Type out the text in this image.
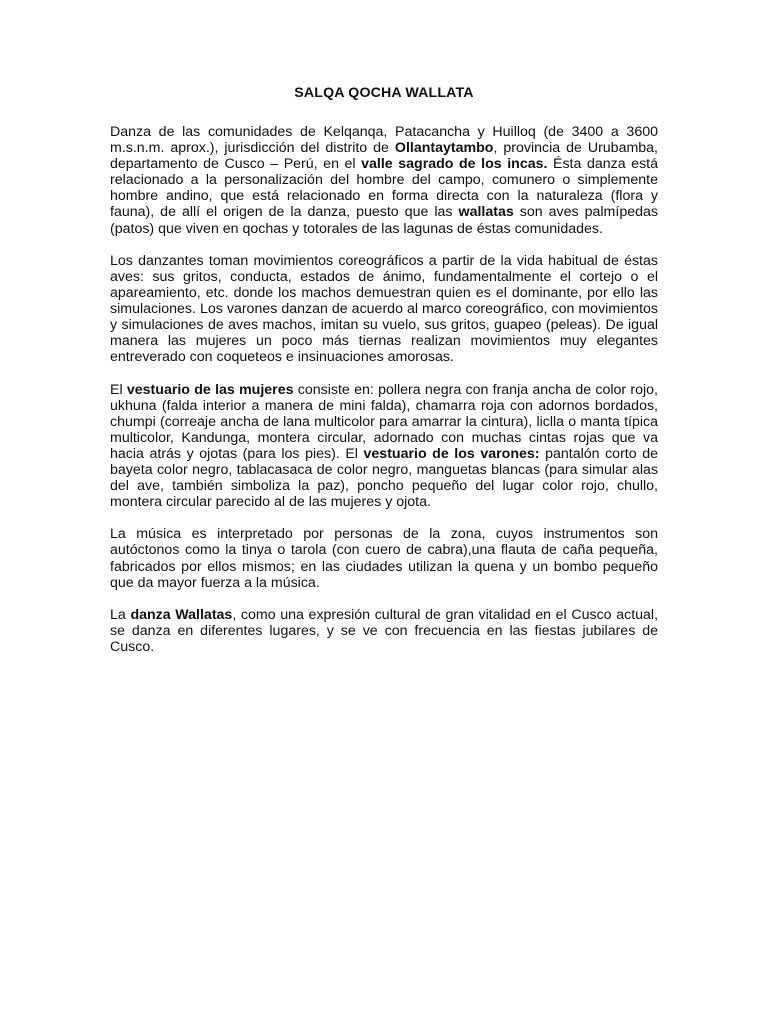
SALQA QOCHA WALLATA

Danza de las comunidades de Kelqanqa, Patacancha y Huilloq (de 3400 a 3600 m.s.n.m. aprox.), jurisdicción del distrito de Ollantaytambo, provincia de Urubamba, departamento de Cusco – Perú, en el valle sagrado de los incas. Ésta danza está relacionado a la personalización del hombre del campo, comunero o simplemente hombre andino, que está relacionado en forma directa con la naturaleza (flora y fauna), de allí el origen de la danza, puesto que las wallatas son aves palmípedas (patos) que viven en qochas y totorales de las lagunas de éstas comunidades.

Los danzantes toman movimientos coreográficos a partir de la vida habitual de éstas aves: sus gritos, conducta, estados de ánimo, fundamentalmente el cortejo o el apareamiento, etc. donde los machos demuestran quien es el dominante, por ello las simulaciones. Los varones danzan de acuerdo al marco coreográfico, con movimientos y simulaciones de aves machos, imitan su vuelo, sus gritos, guapeo (peleas). De igual manera las mujeres un poco más tiernas realizan movimientos muy elegantes entreverado con coqueteos e insinuaciones amorosas.

El vestuario de las mujeres consiste en: pollera negra con franja ancha de color rojo, ukhuna (falda interior a manera de mini falda), chamarra roja con adornos bordados, chumpi (correaje ancha de lana multicolor para amarrar la cintura), liclla o manta típica multicolor, Kandunga, montera circular, adornado con muchas cintas rojas que va hacia atrás y ojotas (para los pies). El vestuario de los varones: pantalón corto de bayeta color negro, tablacasaca de color negro, manguetas blancas (para simular alas del ave, también simboliza la paz), poncho pequeño del lugar color rojo, chullo, montera circular parecido al de las mujeres y ojota.

La música es interpretado por personas de la zona, cuyos instrumentos son autóctonos como la tinya o tarola (con cuero de cabra),una flauta de caña pequeña, fabricados por ellos mismos; en las ciudades utilizan la quena y un bombo pequeño que da mayor fuerza a la música.

La danza Wallatas, como una expresión cultural de gran vitalidad en el Cusco actual, se danza en diferentes lugares, y se ve con frecuencia en las fiestas jubilares de Cusco.
